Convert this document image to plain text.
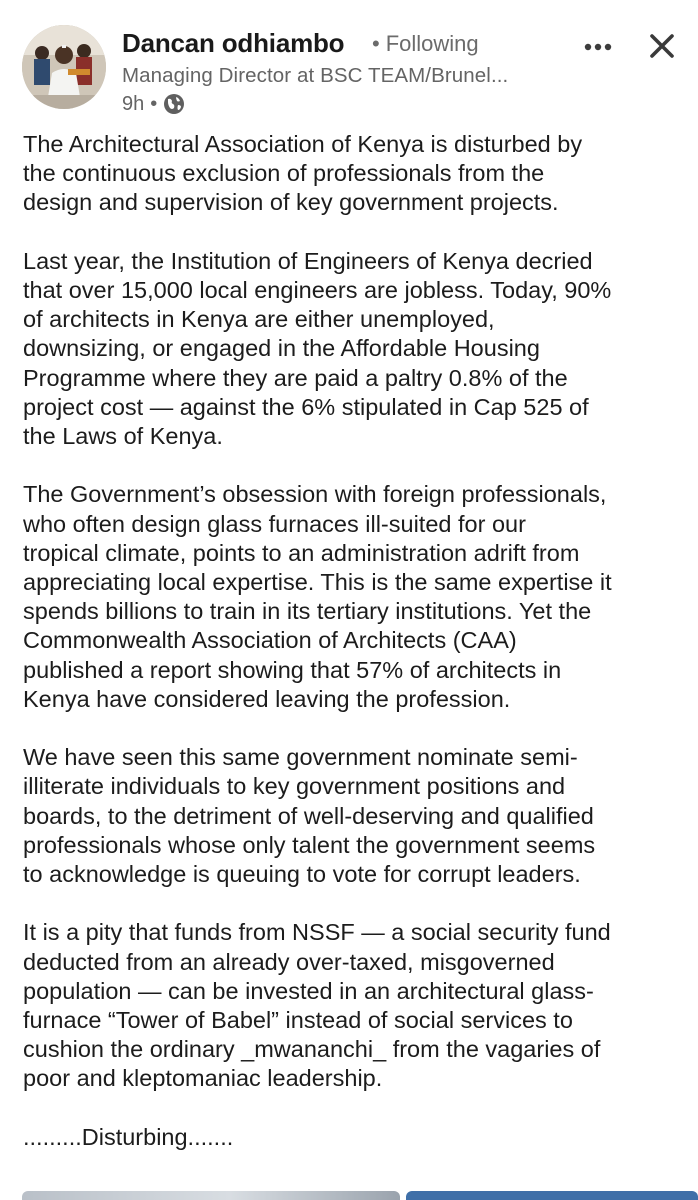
Dancan odhiambo • Following
Managing Director at BSC TEAM/Brunel...
9h •

The Architectural Association of Kenya is disturbed by
the continuous exclusion of professionals from the
design and supervision of key government projects.

Last year, the Institution of Engineers of Kenya decried
that over 15,000 local engineers are jobless. Today, 90%
of architects in Kenya are either unemployed,
downsizing, or engaged in the Affordable Housing
Programme where they are paid a paltry 0.8% of the
project cost — against the 6% stipulated in Cap 525 of
the Laws of Kenya.

The Government’s obsession with foreign professionals,
who often design glass furnaces ill-suited for our
tropical climate, points to an administration adrift from
appreciating local expertise. This is the same expertise it
spends billions to train in its tertiary institutions. Yet the
Commonwealth Association of Architects (CAA)
published a report showing that 57% of architects in
Kenya have considered leaving the profession.

We have seen this same government nominate semi-
illiterate individuals to key government positions and
boards, to the detriment of well-deserving and qualified
professionals whose only talent the government seems
to acknowledge is queuing to vote for corrupt leaders.

It is a pity that funds from NSSF — a social security fund
deducted from an already over-taxed, misgoverned
population — can be invested in an architectural glass-
furnace “Tower of Babel” instead of social services to
cushion the ordinary _mwananchi_ from the vagaries of
poor and kleptomaniac leadership.

.........Disturbing.......
